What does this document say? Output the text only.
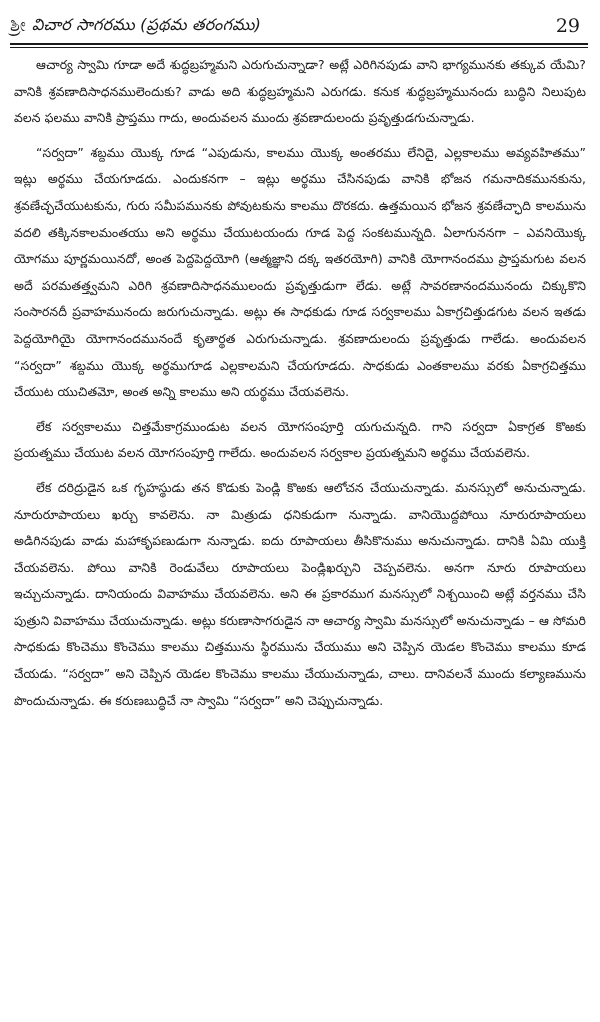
ಶ್ರೀ విచార సాగరము (ప్రథమ తరంగము)	29

ఆచార్య స్వామి గూడా అదే శుద్ధబ్రహ్మమని ఎరుగుచున్నాడా? అట్లే ఎరిగినపుడు వాని భాగ్యమునకు తక్కువ యేమి? వానికి శ్రవణాదిసాధనములెందుకు? వాడు అది శుద్ధబ్రహ్మమని ఎరుగడు. కనుక శుద్ధబ్రహ్మమునందు బుద్ధిని నిలుపుట వలన ఫలము వానికి ప్రాప్తము గాదు, అందువలన ముందు శ్రవణాదులందు ప్రవృత్తుడగుచున్నాడు.

“సర్వదా” శబ్దము యొక్క గూడ “ఎపుడును, కాలము యొక్క అంతరము లేనిదై, ఎల్లకాలము అవ్యవహితము” ఇట్లు అర్థము చేయగూడదు. ఎందుకనగా – ఇట్లు అర్థము చేసినపుడు వానికి భోజన గమనాదికమునకును, శ్రవణేచ్ఛచేయుటకును, గురు సమీపమునకు పోవుటకును కాలము దొరకదు. ఉత్తమయిన భోజన శ్రవణేచ్ఛాది కాలమును వదలి తక్కినకాలమంతయు అని అర్థము చేయుటయందు గూడ పెద్ద సంకటమున్నది. ఏలాగుననగా – ఎవనియొక్క యోగము పూర్ణమయినదో, అంత పెద్దపెద్దయోగి (ఆత్మజ్ఞాని దక్క ఇతరయోగి) వానికి యోగానందము ప్రాప్తమగుట వలన అదే పరమతత్త్వమని ఎరిగి శ్రవణాదిసాధనములందు ప్రవృత్తుడుగా లేడు. అట్లే సావరణానందమునందు చిక్కుకొని సంసారనదీ ప్రవాహమునందు జరుగుచున్నాడు. అట్లు ఈ సాధకుడు గూడ సర్వకాలము ఏకాగ్రచిత్తుడగుట వలన ఇతడు పెద్దయోగియై యోగానందమునందే కృతార్థత ఎరుగుచున్నాడు. శ్రవణాదులందు ప్రవృత్తుడు గాలేడు. అందువలన “సర్వదా” శబ్దము యొక్క అర్థముగూడ ఎల్లకాలమని చేయగూడదు. సాధకుడు ఎంతకాలము వరకు ఏకాగ్రచిత్తము చేయుట యుచితమో, అంత అన్ని కాలము అని యర్థము చేయవలెను.

లేక సర్వకాలము చిత్తమేకాగ్రముండుట వలన యోగసంపూర్తి యగుచున్నది. గాని సర్వదా ఏకాగ్రత కొఱకు ప్రయత్నము చేయుట వలన యోగసంపూర్తి గాలేదు. అందువలన సర్వకాల ప్రయత్నమని అర్థము చేయవలెను.

లేక దరిద్రుడైన ఒక గృహస్థుడు తన కొడుకు పెండ్లి కొఱకు ఆలోచన చేయుచున్నాడు. మనస్సులో అనుచున్నాడు. నూరురూపాయలు ఖర్చు కావలెను. నా మిత్రుడు ధనికుడుగా నున్నాడు. వానియొద్దపోయి నూరురూపాయలు అడిగినపుడు వాడు మహాకృపణుడుగా నున్నాడు. ఐదు రూపాయలు తీసికొనుము అనుచున్నాడు. దానికి ఏమి యుక్తి చేయవలెను. పోయి వానికి రెండువేలు రూపాయలు పెండ్లిఖర్చుని చెప్పవలెను. అనగా నూరు రూపాయలు ఇచ్చుచున్నాడు. దానియందు వివాహము చేయవలెను. అని ఈ ప్రకారముగ మనస్సులో నిశ్చయించి అట్లే వర్తనము చేసి పుత్రుని వివాహము చేయుచున్నాడు. అట్లు కరుణాసాగరుడైన నా ఆచార్య స్వామి మనస్సులో అనుచున్నాడు – ఆ సోమరి సాధకుడు కొంచెము కొంచెము కాలము చిత్తమును స్థిరమును చేయుము అని చెప్పిన యెడల కొంచెము కాలము కూడ చేయడు. “సర్వదా” అని చెప్పిన యెడల కొంచెము కాలము చేయుచున్నాడు, చాలు. దానివలనే ముందు కల్యాణమును పొందుచున్నాడు. ఈ కరుణబుద్ధిచే నా స్వామి “సర్వదా” అని చెప్పుచున్నాడు.
